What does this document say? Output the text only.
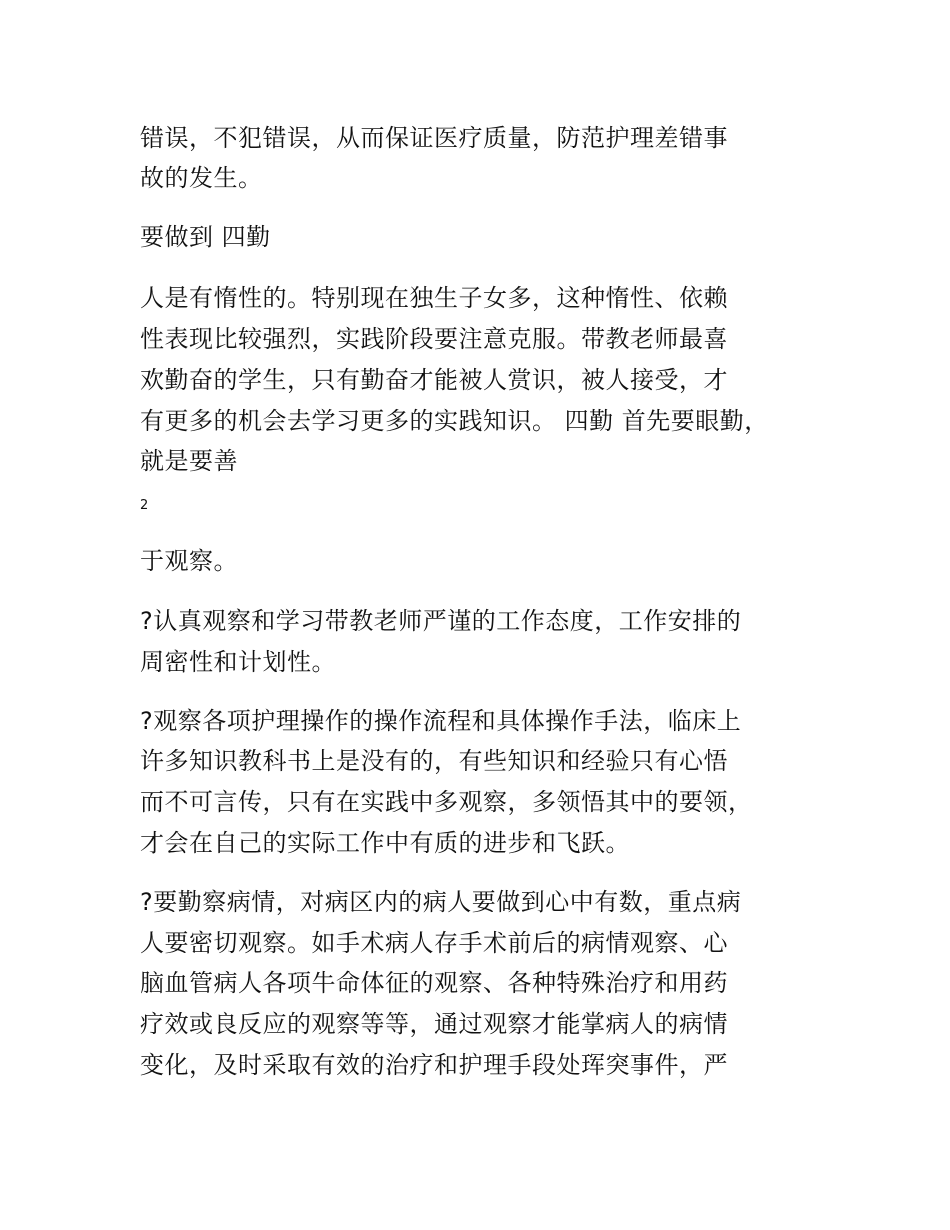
错误，不犯错误，从而保证医疗质量，防范护理差错事
故的发生。
要做到 四勤
人是有惰性的。特别现在独生子女多，这种惰性、依赖
性表现比较强烈，实践阶段要注意克服。带教老师最喜
欢勤奋的学生，只有勤奋才能被人赏识，被人接受，才
有更多的机会去学习更多的实践知识。 四勤 首先要眼勤，
就是要善
2
于观察。
?认真观察和学习带教老师严谨的工作态度，工作安排的
周密性和计划性。
?观察各项护理操作的操作流程和具体操作手法，临床上
许多知识教科书上是没有的，有些知识和经验只有心悟
而不可言传，只有在实践中多观察，多领悟其中的要领，
才会在自己的实际工作中有质的进步和飞跃。
?要勤察病情，对病区内的病人要做到心中有数，重点病
人要密切观察。如手术病人存手术前后的病情观察、心
脑血管病人各项牛命体征的观察、各种特殊治疗和用药
疗效或良反应的观察等等，通过观察才能掌病人的病情
变化，及时采取有效的治疗和护理手段处珲突事件，严
